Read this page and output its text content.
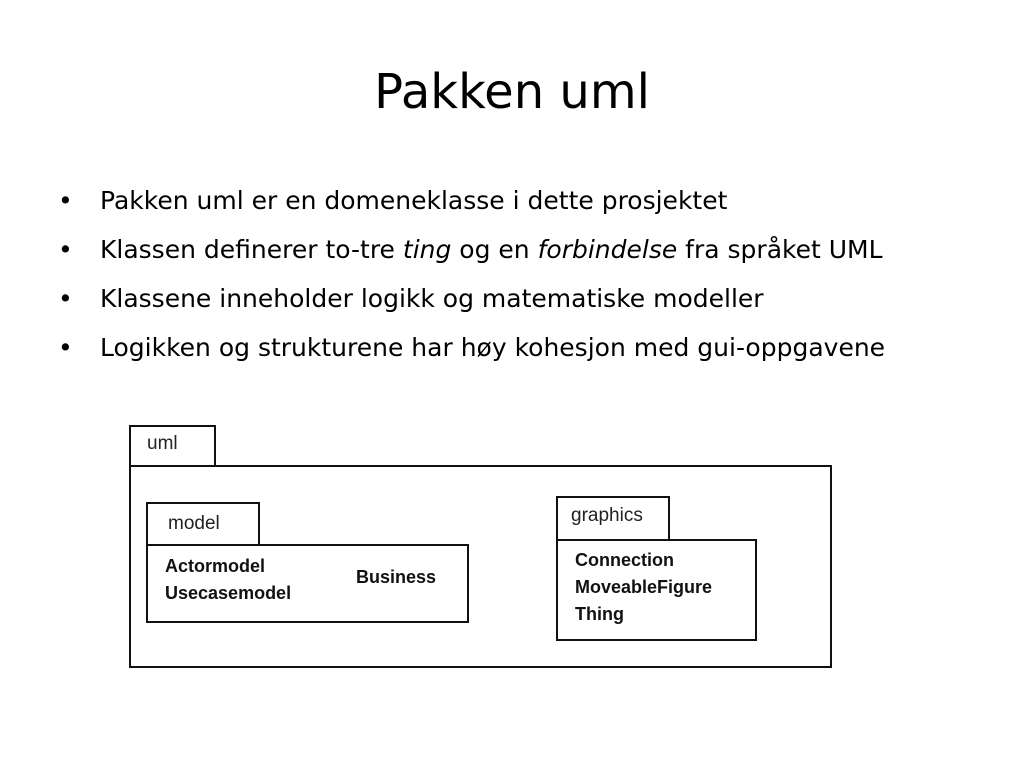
Pakken uml
• Pakken uml er en domeneklasse i dette prosjektet
• Klassen definerer to-tre ting og en forbindelse fra språket UML
• Klassene inneholder logikk og matematiske modeller
• Logikken og strukturene har høy kohesjon med gui-oppgavene
uml
model
Actormodel
Usecasemodel
Business
graphics
Connection
MoveableFigure
Thing
